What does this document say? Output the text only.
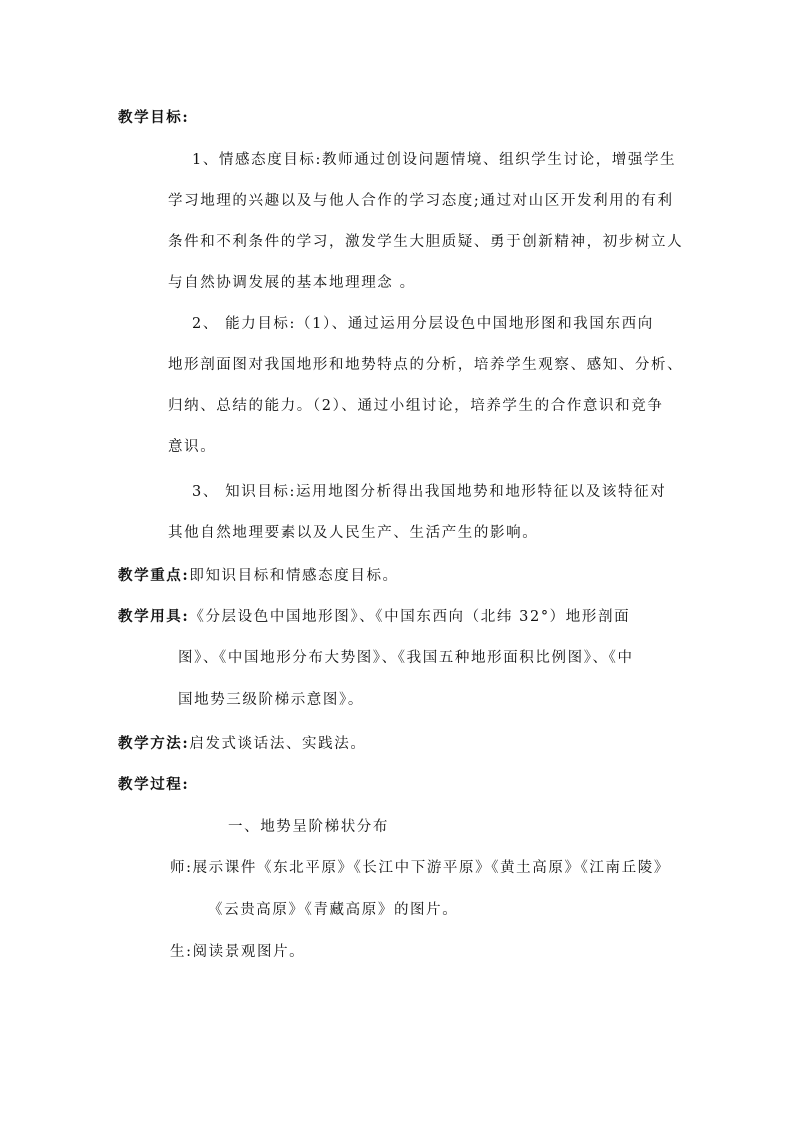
教学目标:
1、情感态度目标:教师通过创设问题情境、组织学生讨论，增强学生
学习地理的兴趣以及与他人合作的学习态度;通过对山区开发利用的有利
条件和不利条件的学习，激发学生大胆质疑、勇于创新精神，初步树立人
与自然协调发展的基本地理理念 。
2、 能力目标:（1）、通过运用分层设色中国地形图和我国东西向
地形剖面图对我国地形和地势特点的分析，培养学生观察、感知、分析、
归纳、总结的能力。（2）、通过小组讨论，培养学生的合作意识和竞争
意识。
3、 知识目标:运用地图分析得出我国地势和地形特征以及该特征对
其他自然地理要素以及人民生产、生活产生的影响。
教学重点:即知识目标和情感态度目标。
教学用具:《分层设色中国地形图》、《中国东西向（北纬 32°）地形剖面
图》、《中国地形分布大势图》、《我国五种地形面积比例图》、《中
国地势三级阶梯示意图》。
教学方法:启发式谈话法、实践法。
教学过程:
一、地势呈阶梯状分布
师:展示课件《东北平原》《长江中下游平原》《黄土高原》《江南丘陵》
《云贵高原》《青藏高原》的图片。
生:阅读景观图片。
